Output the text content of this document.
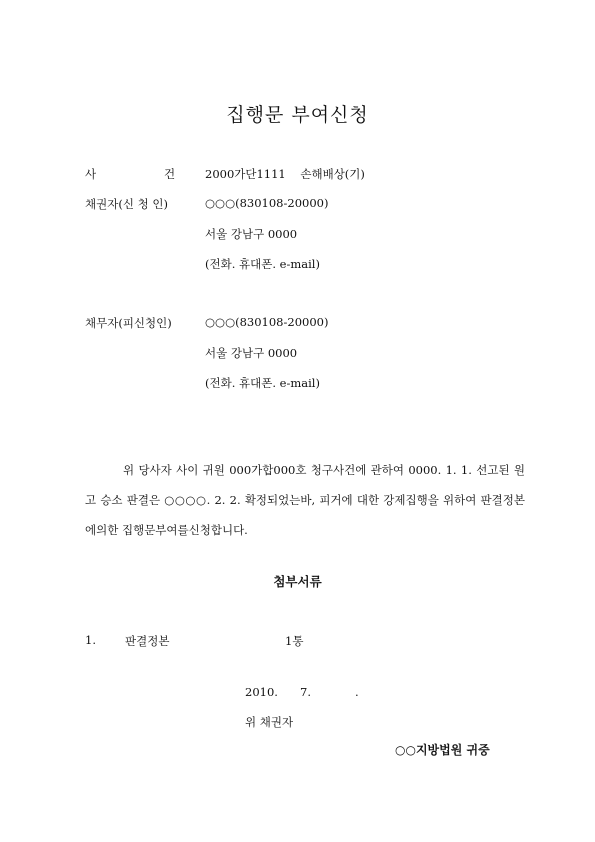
집행문 부여신청
사	건	2000가단1111    손해배상(기)
채권자(신 청 인)	○○○(830108-20000)
서울 강남구 0000
(전화. 휴대폰. e-mail)
채무자(피신청인)	○○○(830108-20000)
서울 강남구 0000
(전화. 휴대폰. e-mail)
위 당사자 사이 귀원 000가합000호 청구사건에 관하여 0000. 1. 1. 선고된 원고 승소 판결은 ○○○○. 2. 2. 확정되었는바, 피거에 대한 강제집행을 위하여 판결정본에의한 집행문부여를신청합니다.
첨부서류
1.	판결정본	1통
2010. 7.	.
위 채권자
○○지방법원 귀중
